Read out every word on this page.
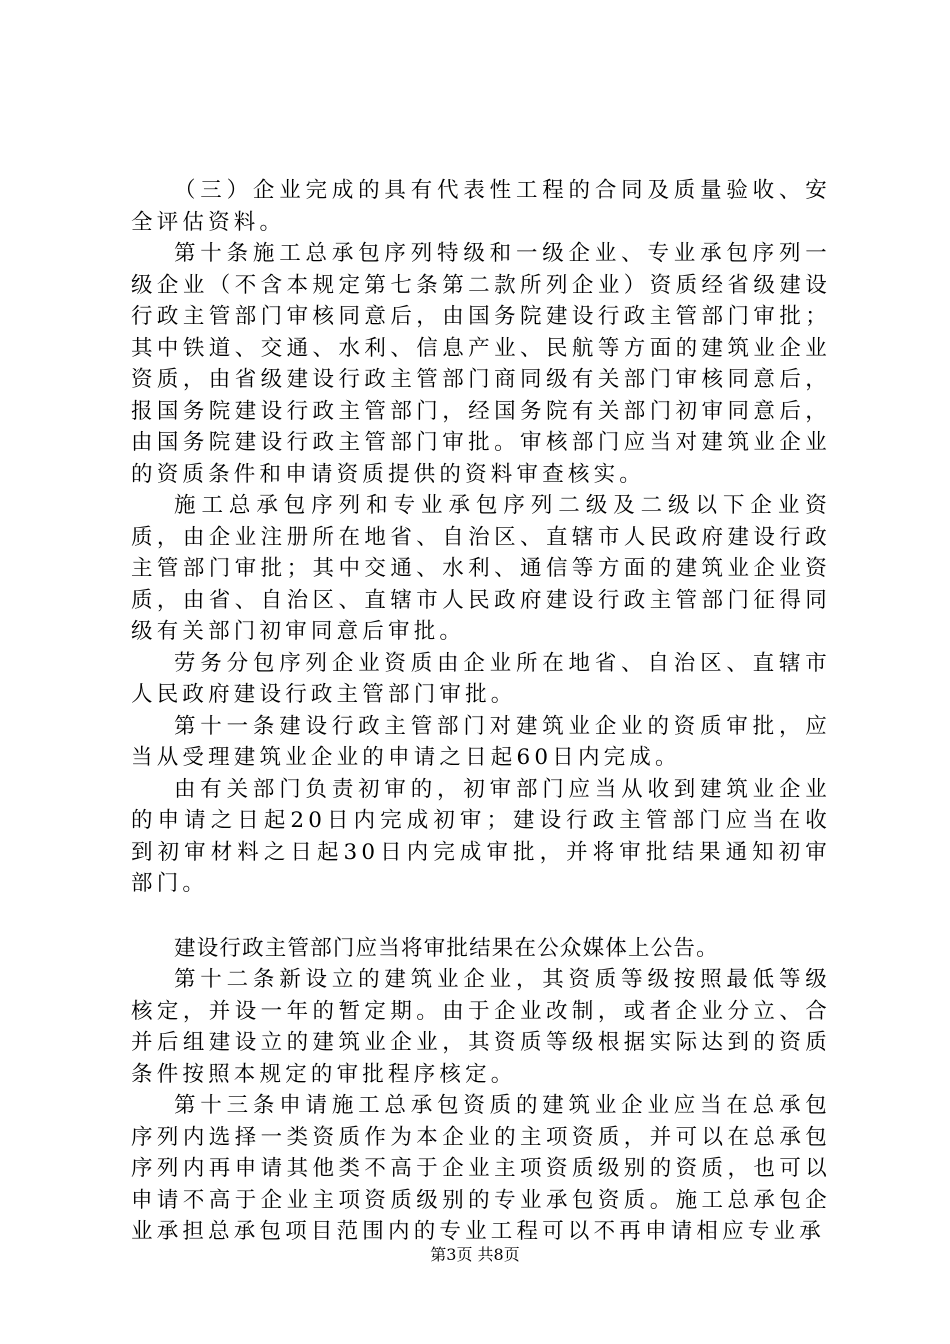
（三）企业完成的具有代表性工程的合同及质量验收、安全评估资料。

第十条施工总承包序列特级和一级企业、专业承包序列一级企业（不含本规定第七条第二款所列企业）资质经省级建设行政主管部门审核同意后，由国务院建设行政主管部门审批；其中铁道、交通、水利、信息产业、民航等方面的建筑业企业资质，由省级建设行政主管部门商同级有关部门审核同意后，报国务院建设行政主管部门，经国务院有关部门初审同意后，由国务院建设行政主管部门审批。审核部门应当对建筑业企业的资质条件和申请资质提供的资料审查核实。

施工总承包序列和专业承包序列二级及二级以下企业资质，由企业注册所在地省、自治区、直辖市人民政府建设行政主管部门审批；其中交通、水利、通信等方面的建筑业企业资质，由省、自治区、直辖市人民政府建设行政主管部门征得同级有关部门初审同意后审批。

劳务分包序列企业资质由企业所在地省、自治区、直辖市人民政府建设行政主管部门审批。

第十一条建设行政主管部门对建筑业企业的资质审批，应当从受理建筑业企业的申请之日起60日内完成。

由有关部门负责初审的，初审部门应当从收到建筑业企业的申请之日起20日内完成初审；建设行政主管部门应当在收到初审材料之日起30日内完成审批，并将审批结果通知初审部门。

建设行政主管部门应当将审批结果在公众媒体上公告。

第十二条新设立的建筑业企业，其资质等级按照最低等级核定，并设一年的暂定期。由于企业改制，或者企业分立、合并后组建设立的建筑业企业，其资质等级根据实际达到的资质条件按照本规定的审批程序核定。

第十三条申请施工总承包资质的建筑业企业应当在总承包序列内选择一类资质作为本企业的主项资质，并可以在总承包序列内再申请其他类不高于企业主项资质级别的资质，也可以申请不高于企业主项资质级别的专业承包资质。施工总承包企业承担总承包项目范围内的专业工程可以不再申请相应专业承

第3页 共8页
